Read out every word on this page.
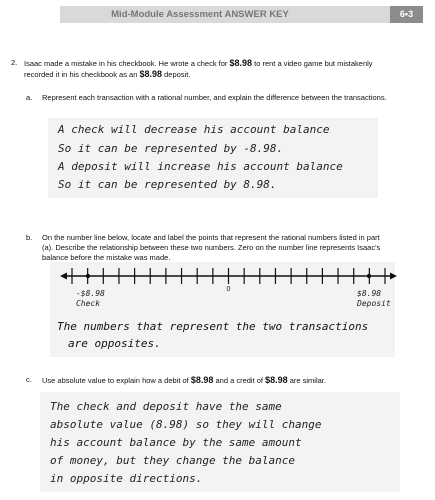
Mid-Module Assessment ANSWER KEY	6•3
2. Isaac made a mistake in his checkbook. He wrote a check for $8.98 to rent a video game but mistakenly recorded it in his checkbook as an $8.98 deposit.
a. Represent each transaction with a rational number, and explain the difference between the transactions.
A check will decrease his account balance
So it can be represented by -8.98.
A deposit will increase his account balance
So it can be represented by 8.98.
b. On the number line below, locate and label the points that represent the rational numbers listed in part (a). Describe the relationship between these two numbers. Zero on the number line represents Isaac's balance before the mistake was made.
-$8.98
Check
$8.98
Deposit
0
The numbers that represent the two transactions
are opposites.
c. Use absolute value to explain how a debit of $8.98 and a credit of $8.98 are similar.
The check and deposit have the same
absolute value (8.98) so they will change
his account balance by the same amount
of money, but they change the balance
in opposite directions.
